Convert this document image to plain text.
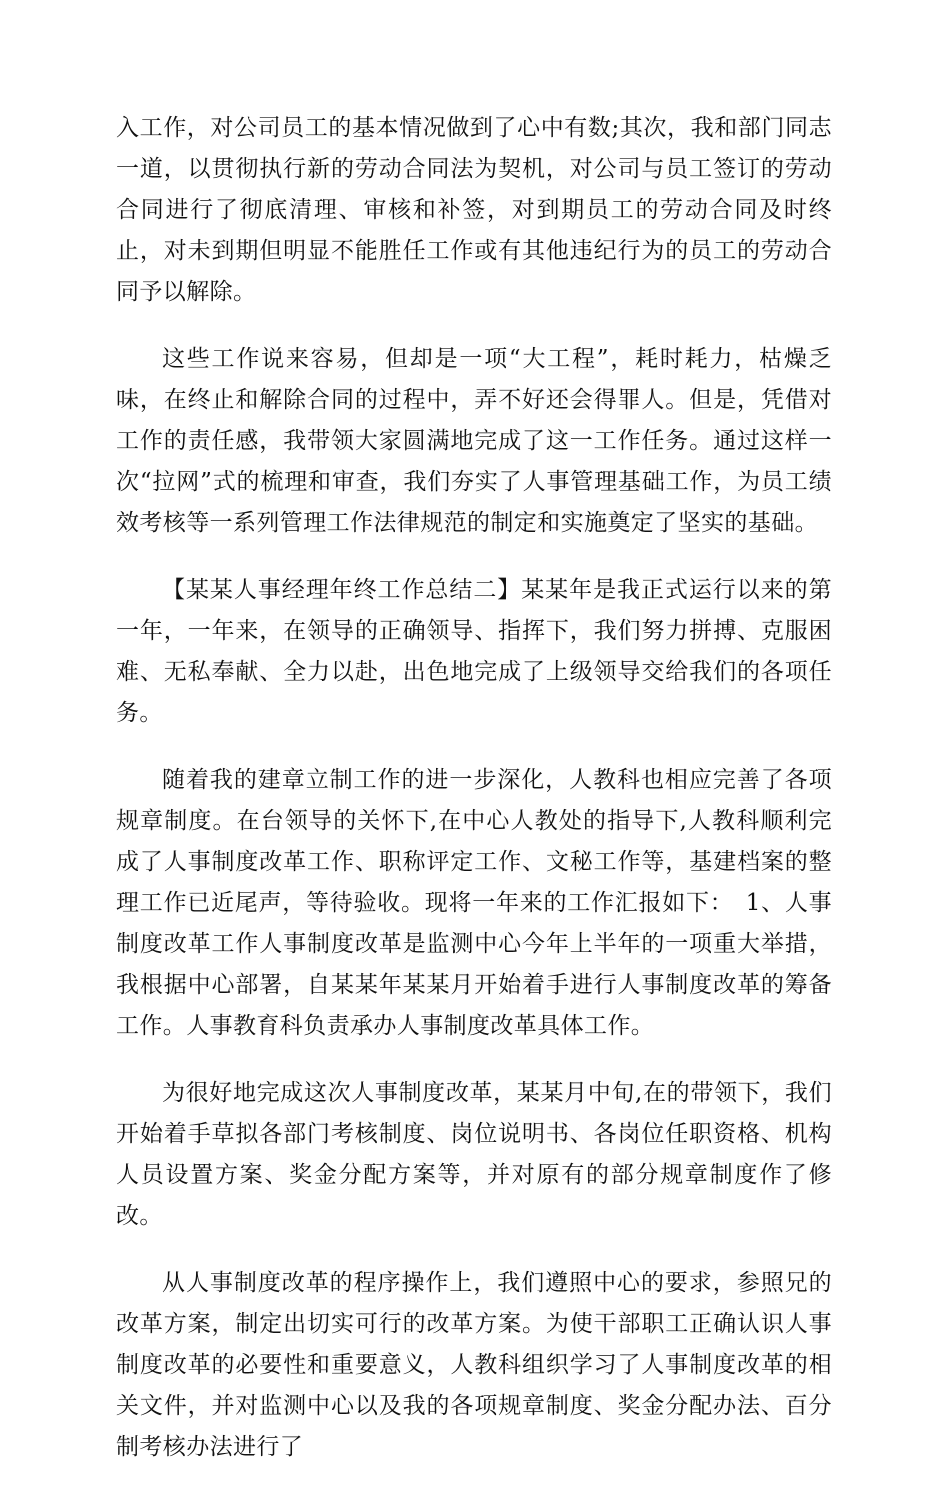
入工作，对公司员工的基本情况做到了心中有数;其次，我和部门同志一道，以贯彻执行新的劳动合同法为契机，对公司与员工签订的劳动合同进行了彻底清理、审核和补签，对到期员工的劳动合同及时终止，对未到期但明显不能胜任工作或有其他违纪行为的员工的劳动合同予以解除。

这些工作说来容易，但却是一项“大工程”，耗时耗力，枯燥乏味，在终止和解除合同的过程中，弄不好还会得罪人。但是，凭借对工作的责任感，我带领大家圆满地完成了这一工作任务。通过这样一次“拉网”式的梳理和审查，我们夯实了人事管理基础工作，为员工绩效考核等一系列管理工作法律规范的制定和实施奠定了坚实的基础。

【某某人事经理年终工作总结二】某某年是我正式运行以来的第一年，一年来，在领导的正确领导、指挥下，我们努力拼搏、克服困难、无私奉献、全力以赴，出色地完成了上级领导交给我们的各项任务。

随着我的建章立制工作的进一步深化，人教科也相应完善了各项规章制度。在台领导的关怀下,在中心人教处的指导下,人教科顺利完成了人事制度改革工作、职称评定工作、文秘工作等，基建档案的整理工作已近尾声，等待验收。现将一年来的工作汇报如下：　1、人事制度改革工作人事制度改革是监测中心今年上半年的一项重大举措，我根据中心部署，自某某年某某月开始着手进行人事制度改革的筹备工作。人事教育科负责承办人事制度改革具体工作。

为很好地完成这次人事制度改革，某某月中旬,在的带领下，我们开始着手草拟各部门考核制度、岗位说明书、各岗位任职资格、机构人员设置方案、奖金分配方案等，并对原有的部分规章制度作了修改。

从人事制度改革的程序操作上，我们遵照中心的要求，参照兄的改革方案，制定出切实可行的改革方案。为使干部职工正确认识人事制度改革的必要性和重要意义，人教科组织学习了人事制度改革的相关文件，并对监测中心以及我的各项规章制度、奖金分配办法、百分制考核办法进行了
